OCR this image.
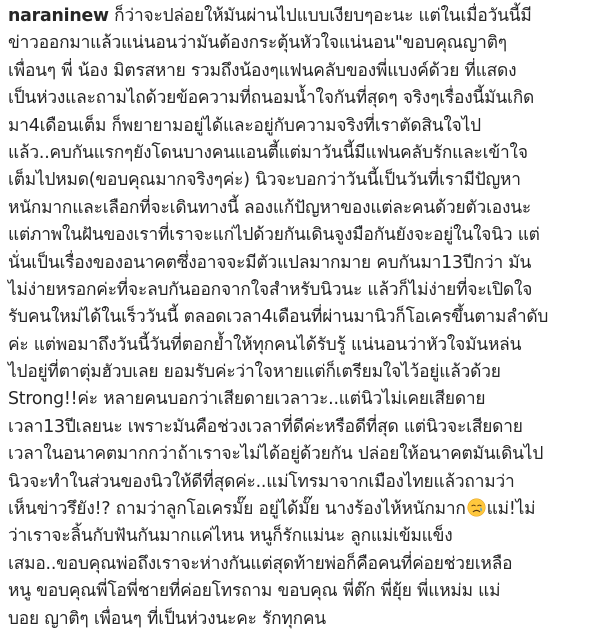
naraninew ก็ว่าจะปล่อยให้มันผ่านไปแบบเงียบๆอะนะ แต่ในเมื่อวันนี้มี
ข่าวออกมาแล้วแน่นอนว่ามันต้องกระตุ้นหัวใจแน่นอน"ขอบคุณญาติๆ
เพื่อนๆ พี่ น้อง มิตรสหาย รวมถึงน้องๆแฟนคลับของพี่แบงค์ด้วย ที่แสดง
เป็นห่วงและถามไถด้วยข้อความที่ถนอมน้ำใจกันที่สุดๆ จริงๆเรื่องนี้มันเกิด
มา4เดือนเต็ม ก็พยายามอยู่ได้และอยู่กับความจริงที่เราตัดสินใจไป
แล้ว..คบกันแรกๆยังโดนบางคนแอนตี้แต่มาวันนี้มีแฟนคลับรักและเข้าใจ
เต็มไปหมด(ขอบคุณมากจริงๆค่ะ) นิวจะบอกว่าวันนี้เป็นวันที่เรามีปัญหา
หนักมากและเลือกที่จะเดินทางนี้ ลองแก้ปัญหาของแต่ละคนด้วยตัวเองนะ
แต่ภาพในฝันของเราที่เราจะแก่ไปด้วยกันเดินจูงมือกันยังจะอยู่ในใจนิว แต่
นั่นเป็นเรื่องของอนาคตซึ่งอาจจะมีตัวแปลมากมาย คบกันมา13ปีกว่า มัน
ไม่ง่ายหรอกค่ะที่จะลบกันออกจากใจสำหรับนิวนะ แล้วก็ไม่ง่ายที่จะเปิดใจ
รับคนใหม่ได้ในเร็ววันนี้ ตลอดเวลา4เดือนที่ผ่านมานิวก็โอเครขึ้นตามลำดับ
ค่ะ แต่พอมาถึงวันนี้วันที่ตอกย้ำให้ทุกคนได้รับรู้ แน่นอนว่าหัวใจมันหล่น
ไปอยู่ที่ตาตุ่มฮัวบเลย ยอมรับค่ะว่าใจหายแต่ก็เตรียมใจไว้อยู่แล้วด้วย
Strong!!ค่ะ หลายคนบอกว่าเสียดายเวลาวะ..แต่นิวไม่เคยเสียดาย
เวลา13ปีเลยนะ เพราะมันคือช่วงเวลาที่ดีค่ะหรือดีที่สุด แต่นิวจะเสียดาย
เวลาในอนาคตมากกว่าถ้าเราจะไม่ได้อยู่ด้วยกัน ปล่อยให้อนาคตมันเดินไป
นิวจะทำในส่วนของนิวให้ดีที่สุดค่ะ..แม่โทรมาจากเมืองไทยแล้วถามว่า
เห็นข่าวรึยัง!? ถามว่าลูกโอเครมั๊ย อยู่ได้มั๊ย นางร้องไห้หนักมาก แม่!ไม่
ว่าเราจะลิ้นกับฟันกันมากแค่ไหน หนูก็รักแม่นะ ลูกแม่เข้มแข็ง
เสมอ..ขอบคุณพ่อถึงเราจะห่างกันแต่สุดท้ายพ่อก็คือคนที่ค่อยช่วยเหลือ
หนู ขอบคุณพี่โอพี่ชายที่ค่อยโทรถาม ขอบคุณ พี่ต๊ก พี่ยุ้ย พี่แหม่ม แม่
บอย ญาติๆ เพื่อนๆ ที่เป็นห่วงนะคะ รักทุกคน
